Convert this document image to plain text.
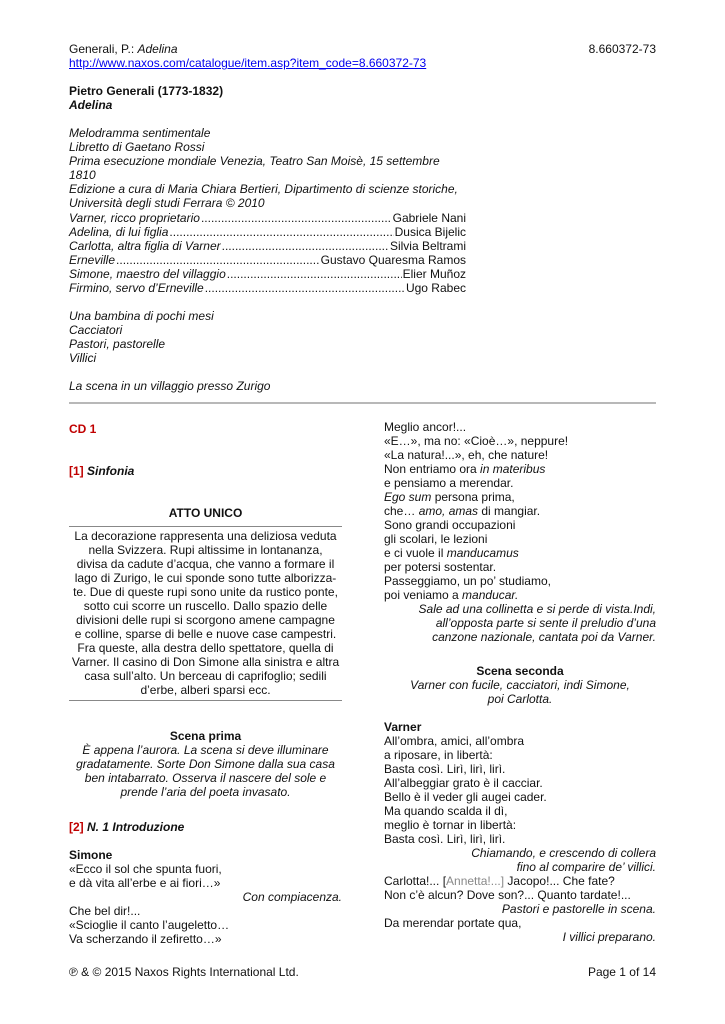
Generali, P.: Adelina
http://www.naxos.com/catalogue/item.asp?item_code=8.660372-73
8.660372-73
Pietro Generali (1773-1832)
Adelina
Melodramma sentimentale
Libretto di Gaetano Rossi
Prima esecuzione mondiale Venezia, Teatro San Moisè, 15 settembre 1810
Edizione a cura di Maria Chiara Bertieri, Dipartimento di scienze storiche,
Università degli studi Ferrara © 2010
Varner, ricco proprietario .....	Gabriele Nani
Adelina, di lui figlia .....	Dusica Bijelic
Carlotta, altra figlia di Varner .....	Silvia Beltrami
Erneville .....	Gustavo Quaresma Ramos
Simone, maestro del villaggio .....	Elier Muñoz
Firmino, servo d’Erneville .....	Ugo Rabec
Una bambina di pochi mesi
Cacciatori
Pastori, pastorelle
Villici
La scena in un villaggio presso Zurigo
CD 1
[1] Sinfonia
ATTO UNICO
La decorazione rappresenta una deliziosa veduta
nella Svizzera. Rupi altissime in lontananza,
divisa da cadute d’acqua, che vanno a formare il
lago di Zurigo, le cui sponde sono tutte alborizza-
te. Due di queste rupi sono unite da rustico ponte,
sotto cui scorre un ruscello. Dallo spazio delle
divisioni delle rupi si scorgono amene campagne
e colline, sparse di belle e nuove case campestri.
Fra queste, alla destra dello spettatore, quella di
Varner. Il casino di Don Simone alla sinistra e altra
casa sull’alto. Un berceau di caprifoglio; sedili
d’erbe, alberi sparsi ecc.
Scena prima
È appena l’aurora. La scena si deve illuminare
gradatamente. Sorte Don Simone dalla sua casa
ben intabarrato. Osserva il nascere del sole e
prende l’aria del poeta invasato.
[2] N. 1 Introduzione
Simone
«Ecco il sol che spunta fuori,
e dà vita all’erbe e ai fiori…»
Con compiacenza.
Che bel dir!...
«Scioglie il canto l’augeletto…
Va scherzando il zefiretto…»
Meglio ancor!...
«E…», ma no: «Cioè…», neppure!
«La natura!...», eh, che nature!
Non entriamo ora in materibus
e pensiamo a merendar.
Ego sum persona prima,
che… amo, amas di mangiar.
Sono grandi occupazioni
gli scolari, le lezioni
e ci vuole il manducamus
per potersi sostentar.
Passeggiamo, un po’ studiamo,
poi veniamo a manducar.
Sale ad una collinetta e si perde di vista.Indi,
all’opposta parte si sente il preludio d’una
canzone nazionale, cantata poi da Varner.
Scena seconda
Varner con fucile, cacciatori, indi Simone,
poi Carlotta.
Varner
All’ombra, amici, all’ombra
a riposare, in libertà:
Basta così. Lirì, lirì, lirì.
All’albeggiar grato è il cacciar.
Bello è il veder gli augei cader.
Ma quando scalda il dì,
meglio è tornar in libertà:
Basta così. Lirì, lirì, lirì.
Chiamando, e crescendo di collera
fino al comparire de’ villici.
Carlotta!... [Annetta!...] Jacopo!... Che fate?
Non c’è alcun? Dove son?... Quanto tardate!...
Pastori e pastorelle in scena.
Da merendar portate qua,
I villici preparano.
℗ & © 2015 Naxos Rights International Ltd.	Page 1 of 14
